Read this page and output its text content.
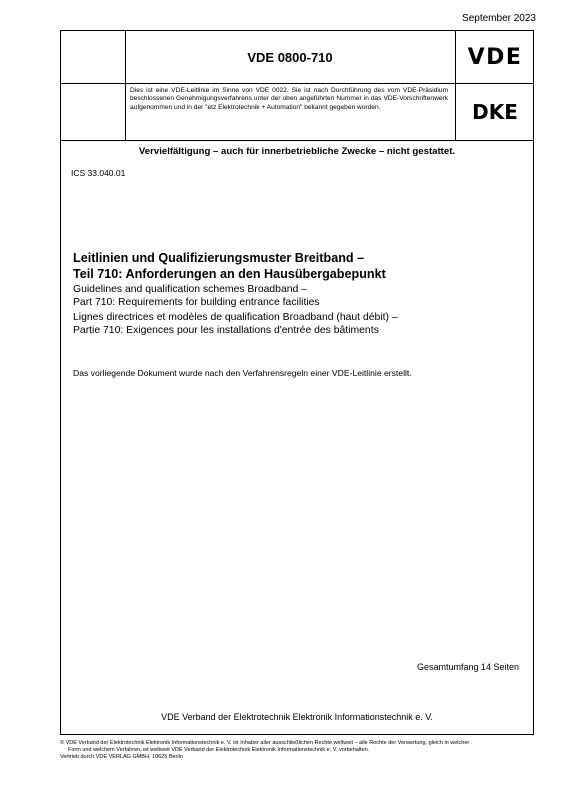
September 2023
VDE 0800-710	VDE
Dies ist eine VDE-Leitlinie im Sinne von VDE 0022. Sie ist nach Durchführung des vom VDE-Präsidium beschlossenen Genehmigungsverfahrens unter der oben angeführten Nummer in das VDE-Vorschriftenwerk aufgenommen und in der "etz Elektrotechnik + Automation" bekannt gegeben worden.	DKE
Vervielfältigung – auch für innerbetriebliche Zwecke – nicht gestattet.
ICS 33.040.01
Leitlinien und Qualifizierungsmuster Breitband –
Teil 710: Anforderungen an den Hausübergabepunkt
Guidelines and qualification schemes Broadband –
Part 710: Requirements for building entrance facilities
Lignes directrices et modèles de qualification Broadband (haut débit) –
Partie 710: Exigences pour les installations d'entrée des bâtiments
Das vorliegende Dokument wurde nach den Verfahrensregeln einer VDE-Leitlinie erstellt.
Gesamtumfang 14 Seiten
VDE Verband der Elektrotechnik Elektronik Informationstechnik e. V.
© VDE Verband der Elektrotechnik Elektronik Informationstechnik e. V. ist Inhaber aller ausschließlichen Rechte weltweit – alle Rechte der Verwertung, gleich in welcher
Form und welchem Verfahren, ist weltweit VDE Verband der Elektrotechnik Elektronik Informationstechnik e. V. vorbehalten.
Vertrieb durch VDE VERLAG GMBH, 10625 Berlin
